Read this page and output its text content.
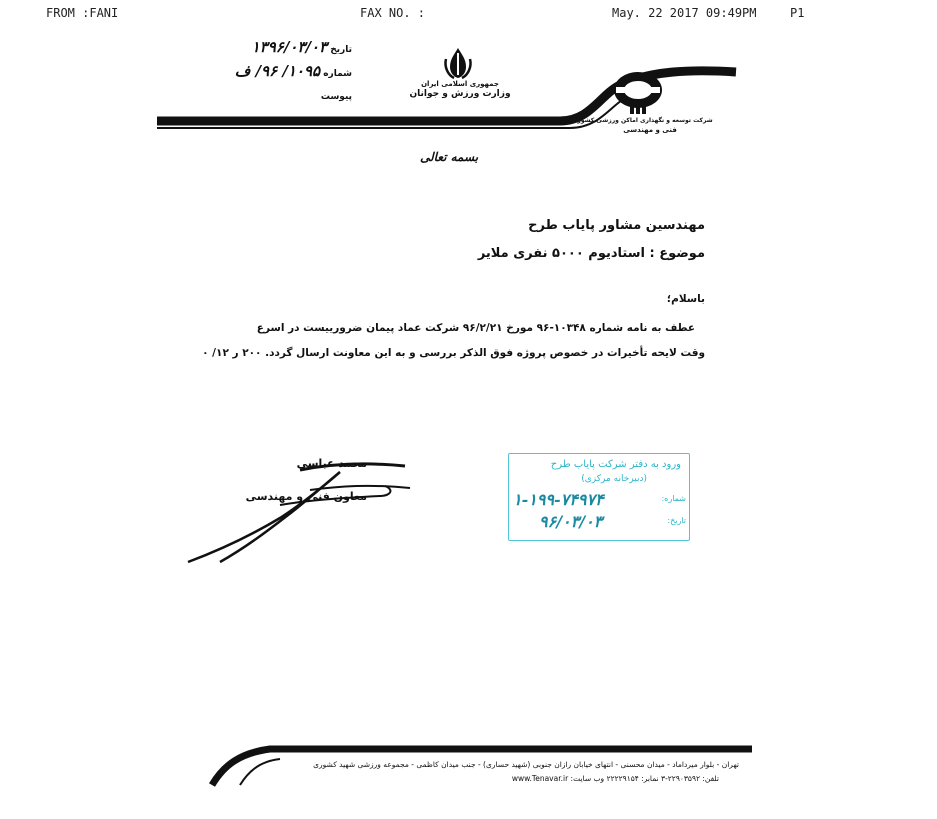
FROM :FANI	FAX NO. :	May. 22 2017 09:49PM	P1
جمهوری اسلامی ایران
وزارت ورزش و جوانان
شرکت توسعه و نگهداری اماکن ورزشی کشور
فنی و مهندسی
تاریخ ۱۳۹۶/۰۳/۰۳
شماره ۱۰۹۵/ ۹۶/ ف
پیوست
بسمه تعالی
مهندسین مشاور پایاب طرح
موضوع : استادیوم ۵۰۰۰ نفری ملایر
باسلام؛
عطف به نامه شماره ۱۰۳۴۸-۹۶ مورخ ۹۶/۲/۲۱ شرکت عماد پیمان ضرورییست در اسرع
وقت لایحه تأخیرات در خصوص پروژه فوق الذکر بررسی و به این معاونت ارسال گردد. ۲۰۰ ر ۱۲/ ۰
محمد عباسی
معاون فنی و مهندسی
ورود به دفتر شرکت پایاب طرح
(دبیرخانه مرکزی)
شماره:
۱-۱۹۹-۷۴۹۷۴
تاریخ:
۹۶/۰۳/۰۳
تهران - بلوار میرداماد - میدان محسنی - انتهای خیابان رازان جنوبی (شهید حساری) - جنب میدان کاظمی - مجموعه ورزشی شهید کشوری
تلفن: ۲۲۹۰۳۵۹۲-۳ نمابر: ۲۲۲۲۹۱۵۴ وب سایت: www.Tenavar.ir
